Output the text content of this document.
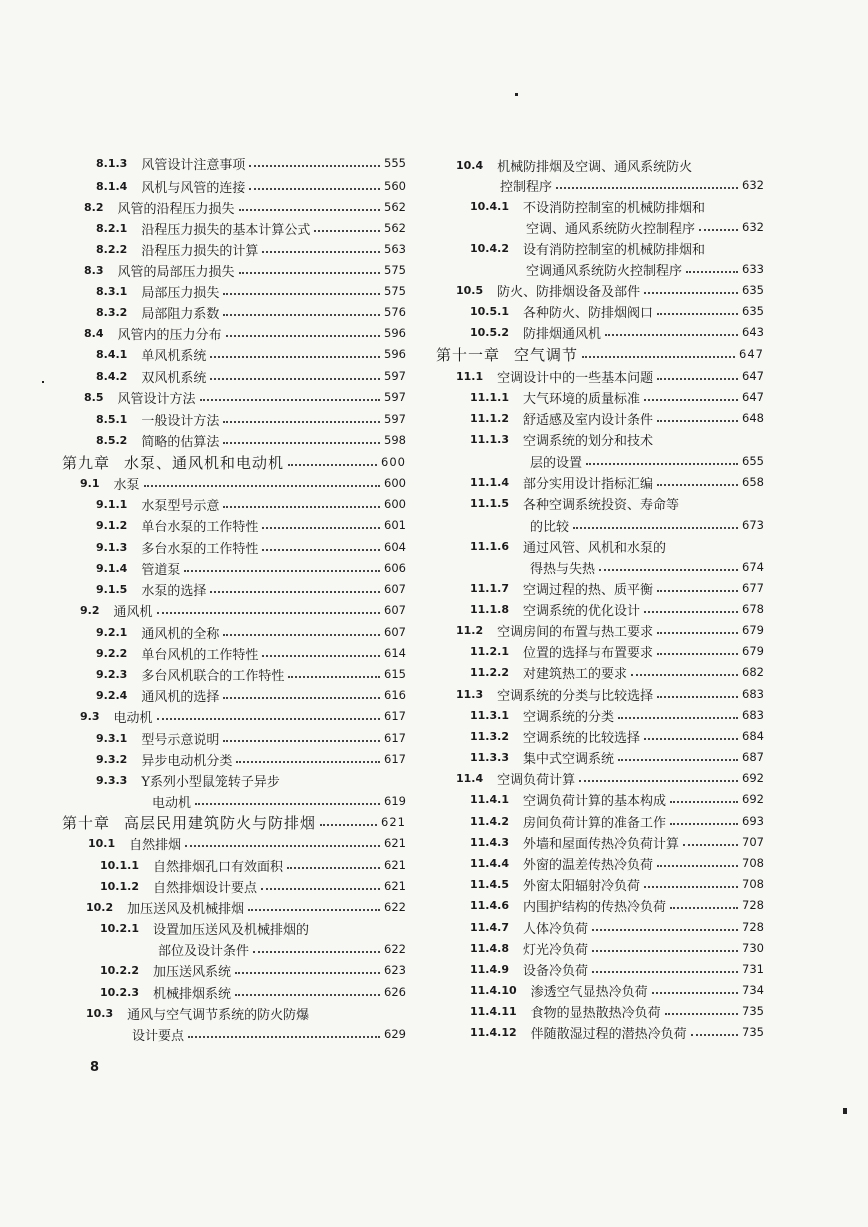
8.1.3 风管设计注意事项	555
8.1.4 风机与风管的连接	560
8.2 风管的沿程压力损失	562
8.2.1 沿程压力损失的基本计算公式	562
8.2.2 沿程压力损失的计算	563
8.3 风管的局部压力损失	575
8.3.1 局部压力损失	575
8.3.2 局部阻力系数	576
8.4 风管内的压力分布	596
8.4.1 单风机系统	596
8.4.2 双风机系统	597
8.5 风管设计方法	597
8.5.1 一般设计方法	597
8.5.2 简略的估算法	598
第九章 水泵、通风机和电动机	600
9.1 水泵	600
9.1.1 水泵型号示意	600
9.1.2 单台水泵的工作特性	601
9.1.3 多台水泵的工作特性	604
9.1.4 管道泵	606
9.1.5 水泵的选择	607
9.2 通风机	607
9.2.1 通风机的全称	607
9.2.2 单台风机的工作特性	614
9.2.3 多台风机联合的工作特性	615
9.2.4 通风机的选择	616
9.3 电动机	617
9.3.1 型号示意说明	617
9.3.2 异步电动机分类	617
9.3.3 Y系列小型鼠笼转子异步
电动机	619
第十章 高层民用建筑防火与防排烟	621
10.1 自然排烟	621
10.1.1 自然排烟孔口有效面积	621
10.1.2 自然排烟设计要点	621
10.2 加压送风及机械排烟	622
10.2.1 设置加压送风及机械排烟的
部位及设计条件	622
10.2.2 加压送风系统	623
10.2.3 机械排烟系统	626
10.3 通风与空气调节系统的防火防爆
设计要点	629
10.4 机械防排烟及空调、通风系统防火
控制程序	632
10.4.1 不设消防控制室的机械防排烟和
空调、通风系统防火控制程序	632
10.4.2 设有消防控制室的机械防排烟和
空调通风系统防火控制程序	633
10.5 防火、防排烟设备及部件	635
10.5.1 各种防火、防排烟阀口	635
10.5.2 防排烟通风机	643
第十一章 空气调节	647
11.1 空调设计中的一些基本问题	647
11.1.1 大气环境的质量标准	647
11.1.2 舒适感及室内设计条件	648
11.1.3 空调系统的划分和技术
层的设置	655
11.1.4 部分实用设计指标汇编	658
11.1.5 各种空调系统投资、寿命等
的比较	673
11.1.6 通过风管、风机和水泵的
得热与失热	674
11.1.7 空调过程的热、质平衡	677
11.1.8 空调系统的优化设计	678
11.2 空调房间的布置与热工要求	679
11.2.1 位置的选择与布置要求	679
11.2.2 对建筑热工的要求	682
11.3 空调系统的分类与比较选择	683
11.3.1 空调系统的分类	683
11.3.2 空调系统的比较选择	684
11.3.3 集中式空调系统	687
11.4 空调负荷计算	692
11.4.1 空调负荷计算的基本构成	692
11.4.2 房间负荷计算的准备工作	693
11.4.3 外墙和屋面传热冷负荷计算	707
11.4.4 外窗的温差传热冷负荷	708
11.4.5 外窗太阳辐射冷负荷	708
11.4.6 内围护结构的传热冷负荷	728
11.4.7 人体冷负荷	728
11.4.8 灯光冷负荷	730
11.4.9 设备冷负荷	731
11.4.10 渗透空气显热冷负荷	734
11.4.11 食物的显热散热冷负荷	735
11.4.12 伴随散湿过程的潜热冷负荷	735
8
